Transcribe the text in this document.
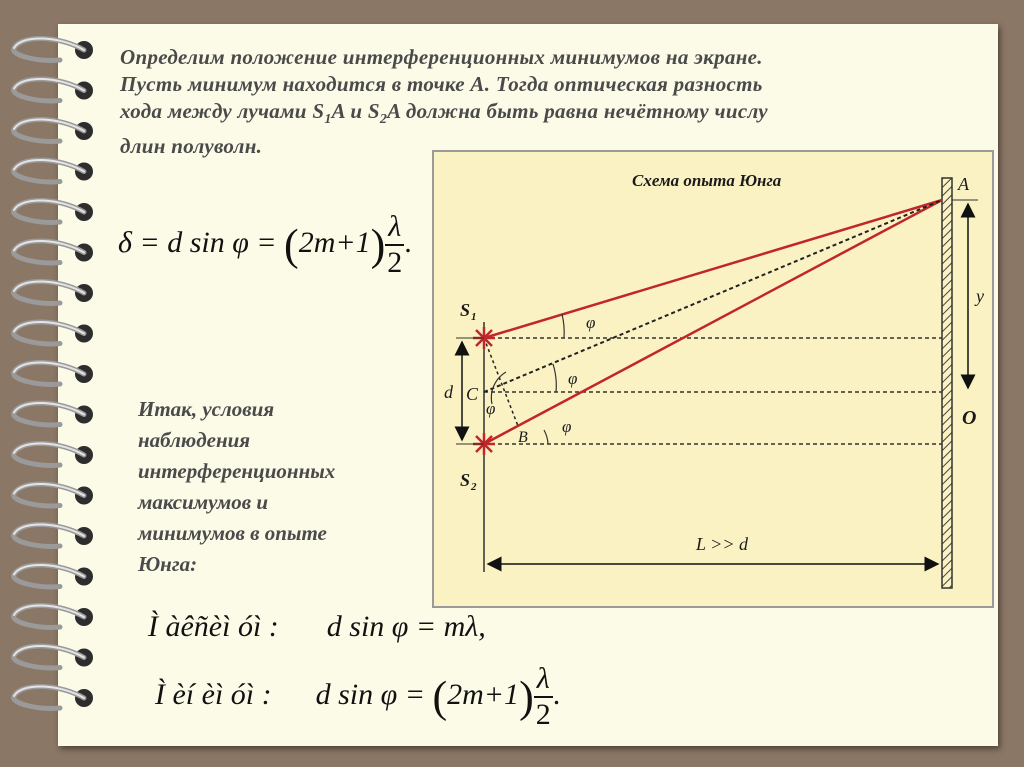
Определим положение интерференционных минимумов на экране.
Пусть минимум находится в точке А. Тогда оптическая разность
хода между лучами $S_1A$ и $S_2A$ должна быть равна нечётному числу
длин полуволн.
δ = d $\sin \varphi = (2m+1) \frac{\lambda}{2}$ .
Итак, условия
наблюдения
интерференционных
максимумов и
минимумов в опыте
Юнга:
Ì àêñèì óì : d sin φ = mλ,
Ì èí èì óì : d $\sin \varphi = (2m+1) \frac{\lambda}{2}$ .
Схема опыта Юнга	A
O
y
d C
B
S 1
S 2
φ
φ
φ
φ
L >> d
